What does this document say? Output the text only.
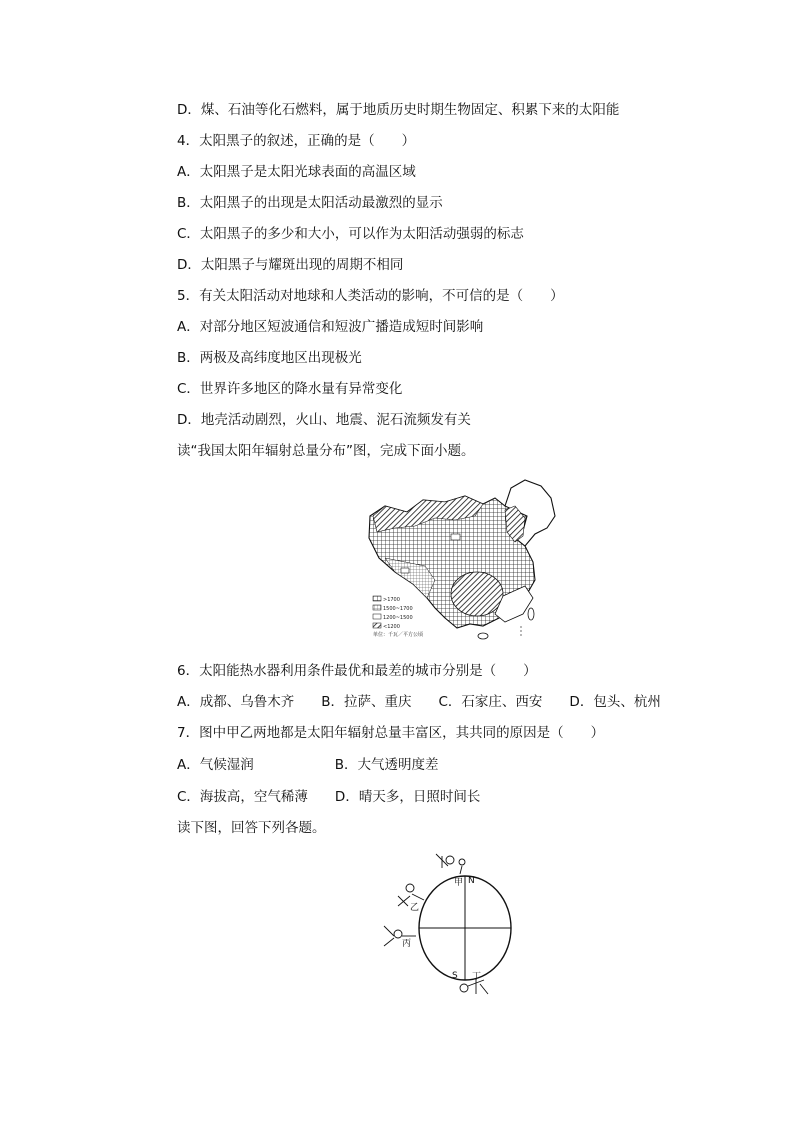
D．煤、石油等化石燃料，属于地质历史时期生物固定、积累下来的太阳能
4．太阳黑子的叙述，正确的是（　　）
A．太阳黑子是太阳光球表面的高温区域
B．太阳黑子的出现是太阳活动最激烈的显示
C．太阳黑子的多少和大小，可以作为太阳活动强弱的标志
D．太阳黑子与耀斑出现的周期不相同
5．有关太阳活动对地球和人类活动的影响，不可信的是（　　）
A．对部分地区短波通信和短波广播造成短时间影响
B．两极及高纬度地区出现极光
C．世界许多地区的降水量有异常变化
D．地壳活动剧烈，火山、地震、泥石流频发有关
读“我国太阳年辐射总量分布”图，完成下面小题。
>1700
1500~1700
1200~1500
<1200
单位：千瓦／平方公顷
6．太阳能热水器利用条件最优和最差的城市分别是（　　）
A．成都、乌鲁木齐　　B．拉萨、重庆　　C．石家庄、西安　　D．包头、杭州
7．图中甲乙两地都是太阳年辐射总量丰富区，其共同的原因是（　　）
A．气候湿润　　　　　　B．大气透明度差
C．海拔高，空气稀薄　　D．晴天多，日照时间长
读下图，回答下列各题。
N
S
甲
乙
丙
丁
